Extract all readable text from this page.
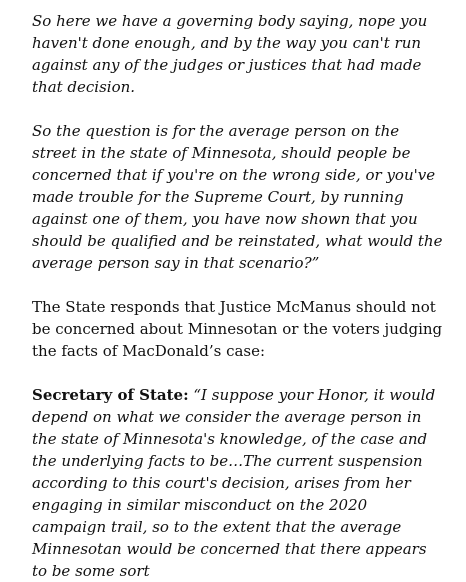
So here we have a governing body saying, nope you haven't done enough, and by the way you can't run against any of the judges or justices that had made that decision.

So the question is for the average person on the street in the state of Minnesota, should people be concerned that if you're on the wrong side, or you've made trouble for the Supreme Court, by running against one of them, you have now shown that you should be qualified and be reinstated, what would the average person say in that scenario?”

The State responds that Justice McManus should not be concerned about Minnesotan or the voters judging the facts of MacDonald’s case:

Secretary of State: “I suppose your Honor, it would depend on what we consider the average person in the state of Minnesota's knowledge, of the case and the underlying facts to be…The current suspension according to this court's decision, arises from her engaging in similar misconduct on the 2020 campaign trail, so to the extent that the average Minnesotan would be concerned that there appears to be some sort
